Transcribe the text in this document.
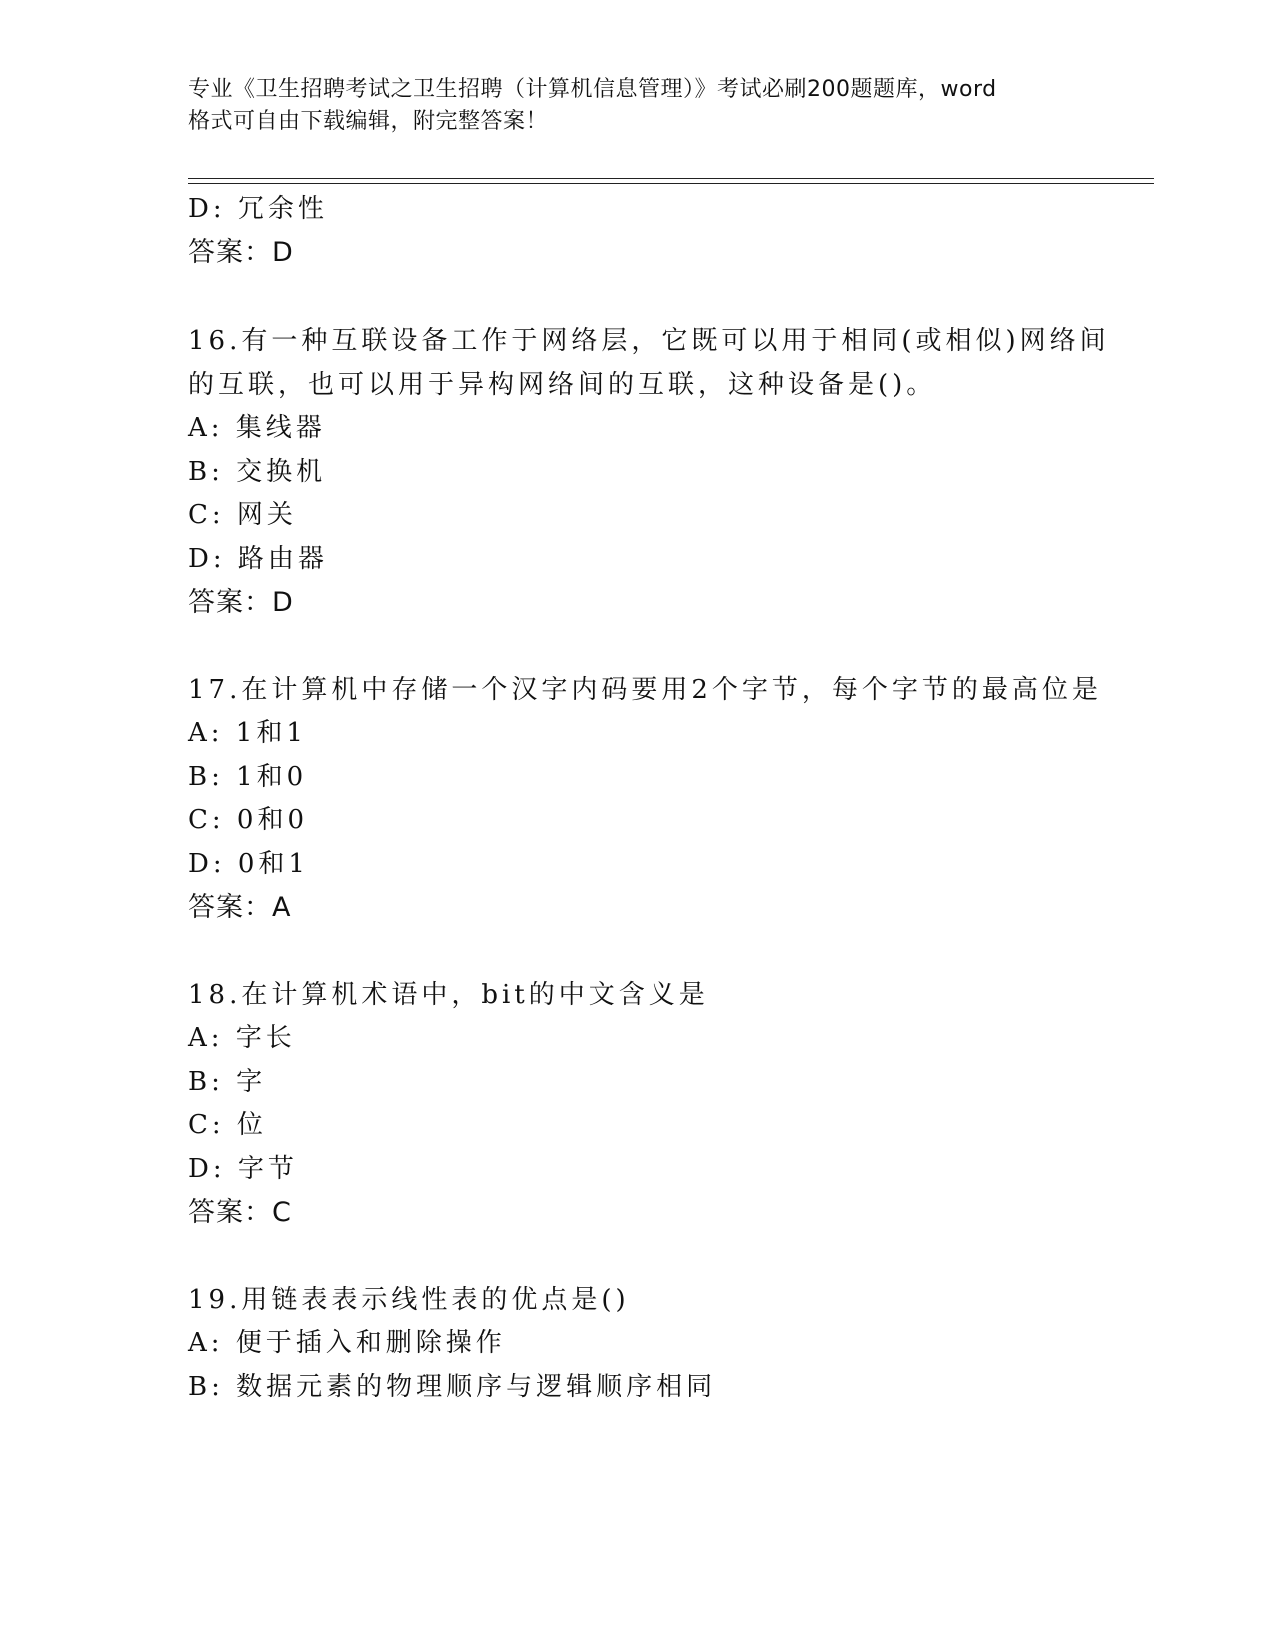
专业《卫生招聘考试之卫生招聘（计算机信息管理）》考试必刷200题题库，word
格式可自由下载编辑，附完整答案！
D: 冗余性
答案：D
16.有一种互联设备工作于网络层，它既可以用于相同(或相似)网络间
的互联，也可以用于异构网络间的互联，这种设备是()。
A: 集线器
B: 交换机
C: 网关
D: 路由器
答案：D
17.在计算机中存储一个汉字内码要用2个字节，每个字节的最高位是
A: 1和1
B: 1和0
C: 0和0
D: 0和1
答案：A
18.在计算机术语中，bit的中文含义是
A: 字长
B: 字
C: 位
D: 字节
答案：C
19.用链表表示线性表的优点是()
A: 便于插入和删除操作
B: 数据元素的物理顺序与逻辑顺序相同
